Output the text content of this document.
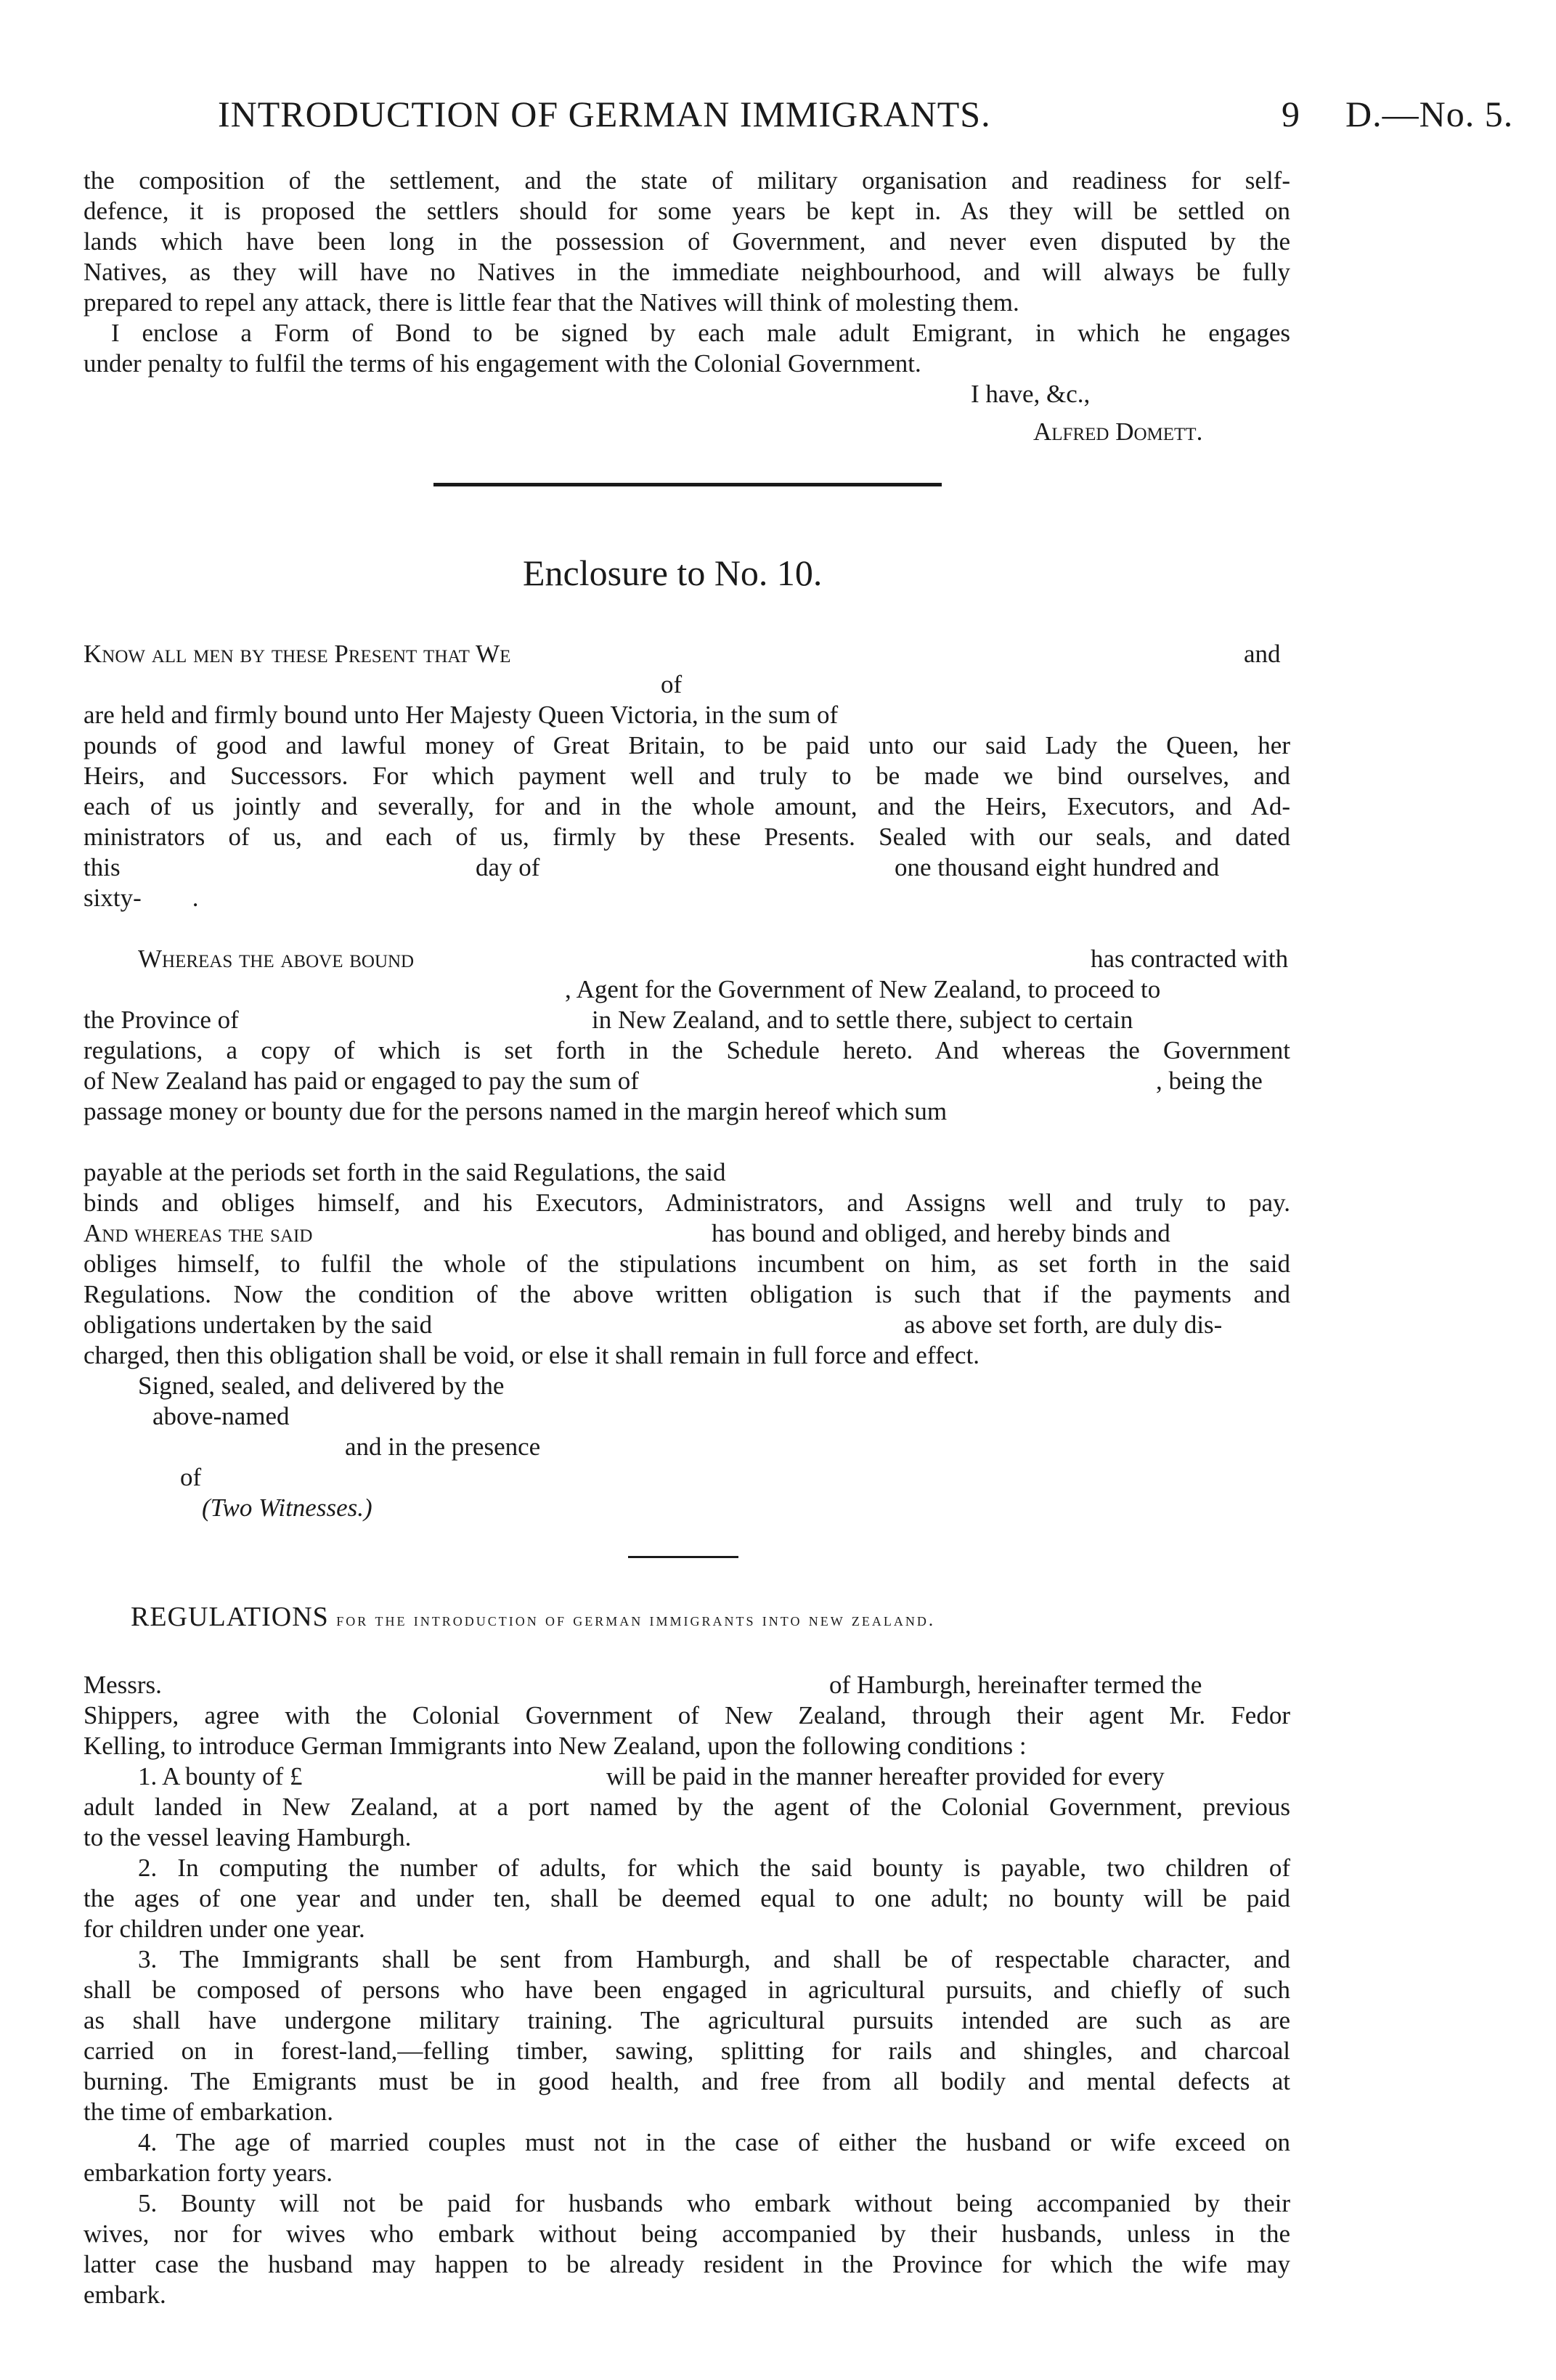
INTRODUCTION OF GERMAN IMMIGRANTS.	9 D.—No. 5.
the composition of the settlement, and the state of military organisation and readiness for self-
defence, it is proposed the settlers should for some years be kept in. As they will be settled on
lands which have been long in the possession of Government, and never even disputed by the
Natives, as they will have no Natives in the immediate neighbourhood, and will always be fully
prepared to repel any attack, there is little fear that the Natives will think of molesting them.
I enclose a Form of Bond to be signed by each male adult Emigrant, in which he engages
under penalty to fulfil the terms of his engagement with the Colonial Government.
I have, &c.,
Alfred Domett.
Enclosure to No. 10.
Know all men by these Present that We	and
of
are held and firmly bound unto Her Majesty Queen Victoria, in the sum of
pounds of good and lawful money of Great Britain, to be paid unto our said Lady the Queen, her
Heirs, and Successors. For which payment well and truly to be made we bind ourselves, and
each of us jointly and severally, for and in the whole amount, and the Heirs, Executors, and Ad-
ministrators of us, and each of us, firmly by these Presents. Sealed with our seals, and dated
this	day of	one thousand eight hundred and
sixty-        .
Whereas the above bound	has contracted with
, Agent for the Government of New Zealand, to proceed to
the Province of	in New Zealand, and to settle there, subject to certain
regulations, a copy of which is set forth in the Schedule hereto. And whereas the Government
of New Zealand has paid or engaged to pay the sum of	, being the
passage money or bounty due for the persons named in the margin hereof which sum
payable at the periods set forth in the said Regulations, the said
binds and obliges himself, and his Executors, Administrators, and Assigns well and truly to pay.
And whereas the said	has bound and obliged, and hereby binds and
obliges himself, to fulfil the whole of the stipulations incumbent on him, as set forth in the said
Regulations. Now the condition of the above written obligation is such that if the payments and
obligations undertaken by the said	as above set forth, are duly dis-
charged, then this obligation shall be void, or else it shall remain in full force and effect.
Signed, sealed, and delivered by the
above-named
and in the presence
of
(Two Witnesses.)
REGULATIONS for the introduction of german immigrants into new zealand.
Messrs.	of Hamburgh, hereinafter termed the
Shippers, agree with the Colonial Government of New Zealand, through their agent Mr. Fedor
Kelling, to introduce German Immigrants into New Zealand, upon the following conditions :
1. A bounty of £	will be paid in the manner hereafter provided for every
adult landed in New Zealand, at a port named by the agent of the Colonial Government, previous
to the vessel leaving Hamburgh.
2. In computing the number of adults, for which the said bounty is payable, two children of
the ages of one year and under ten, shall be deemed equal to one adult; no bounty will be paid
for children under one year.
3. The Immigrants shall be sent from Hamburgh, and shall be of respectable character, and
shall be composed of persons who have been engaged in agricultural pursuits, and chiefly of such
as shall have undergone military training. The agricultural pursuits intended are such as are
carried on in forest-land,—felling timber, sawing, splitting for rails and shingles, and charcoal
burning. The Emigrants must be in good health, and free from all bodily and mental defects at
the time of embarkation.
4. The age of married couples must not in the case of either the husband or wife exceed on
embarkation forty years.
5. Bounty will not be paid for husbands who embark without being accompanied by their
wives, nor for wives who embark without being accompanied by their husbands, unless in the
latter case the husband may happen to be already resident in the Province for which the wife may
embark.
